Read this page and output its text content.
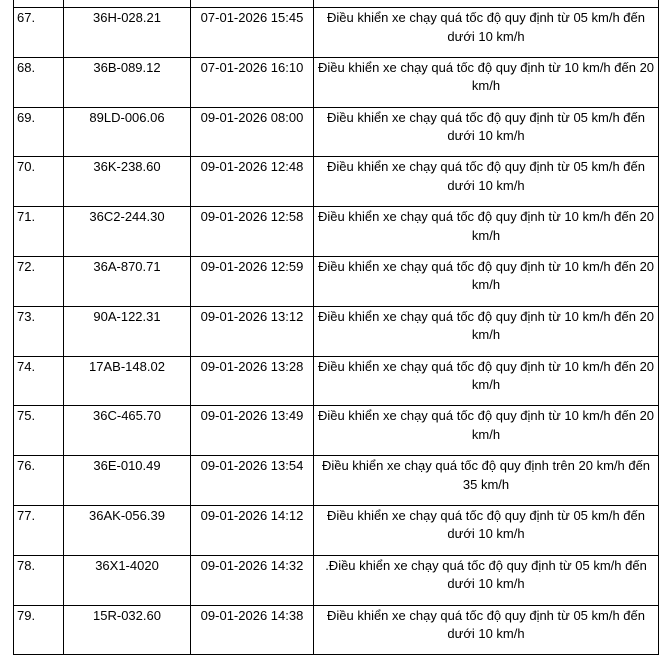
67.	36H-028.21	07-01-2026 15:45	Điều khiển xe chạy quá tốc độ quy định từ 05 km/h đến dưới 10 km/h
68.	36B-089.12	07-01-2026 16:10	Điều khiển xe chạy quá tốc độ quy định từ 10 km/h đến 20 km/h
69.	89LD-006.06	09-01-2026 08:00	Điều khiển xe chạy quá tốc độ quy định từ 05 km/h đến dưới 10 km/h
70.	36K-238.60	09-01-2026 12:48	Điều khiển xe chạy quá tốc độ quy định từ 05 km/h đến dưới 10 km/h
71.	36C2-244.30	09-01-2026 12:58	Điều khiển xe chạy quá tốc độ quy định từ 10 km/h đến 20 km/h
72.	36A-870.71	09-01-2026 12:59	Điều khiển xe chạy quá tốc độ quy định từ 10 km/h đến 20 km/h
73.	90A-122.31	09-01-2026 13:12	Điều khiển xe chạy quá tốc độ quy định từ 10 km/h đến 20 km/h
74.	17AB-148.02	09-01-2026 13:28	Điều khiển xe chạy quá tốc độ quy định từ 10 km/h đến 20 km/h
75.	36C-465.70	09-01-2026 13:49	Điều khiển xe chạy quá tốc độ quy định từ 10 km/h đến 20 km/h
76.	36E-010.49	09-01-2026 13:54	Điều khiển xe chạy quá tốc độ quy định trên 20 km/h đến 35 km/h
77.	36AK-056.39	09-01-2026 14:12	Điều khiển xe chạy quá tốc độ quy định từ 05 km/h đến dưới 10 km/h
78.	36X1-4020	09-01-2026 14:32	.Điều khiển xe chạy quá tốc độ quy định từ 05 km/h đến dưới 10 km/h
79.	15R-032.60	09-01-2026 14:38	Điều khiển xe chạy quá tốc độ quy định từ 05 km/h đến dưới 10 km/h
